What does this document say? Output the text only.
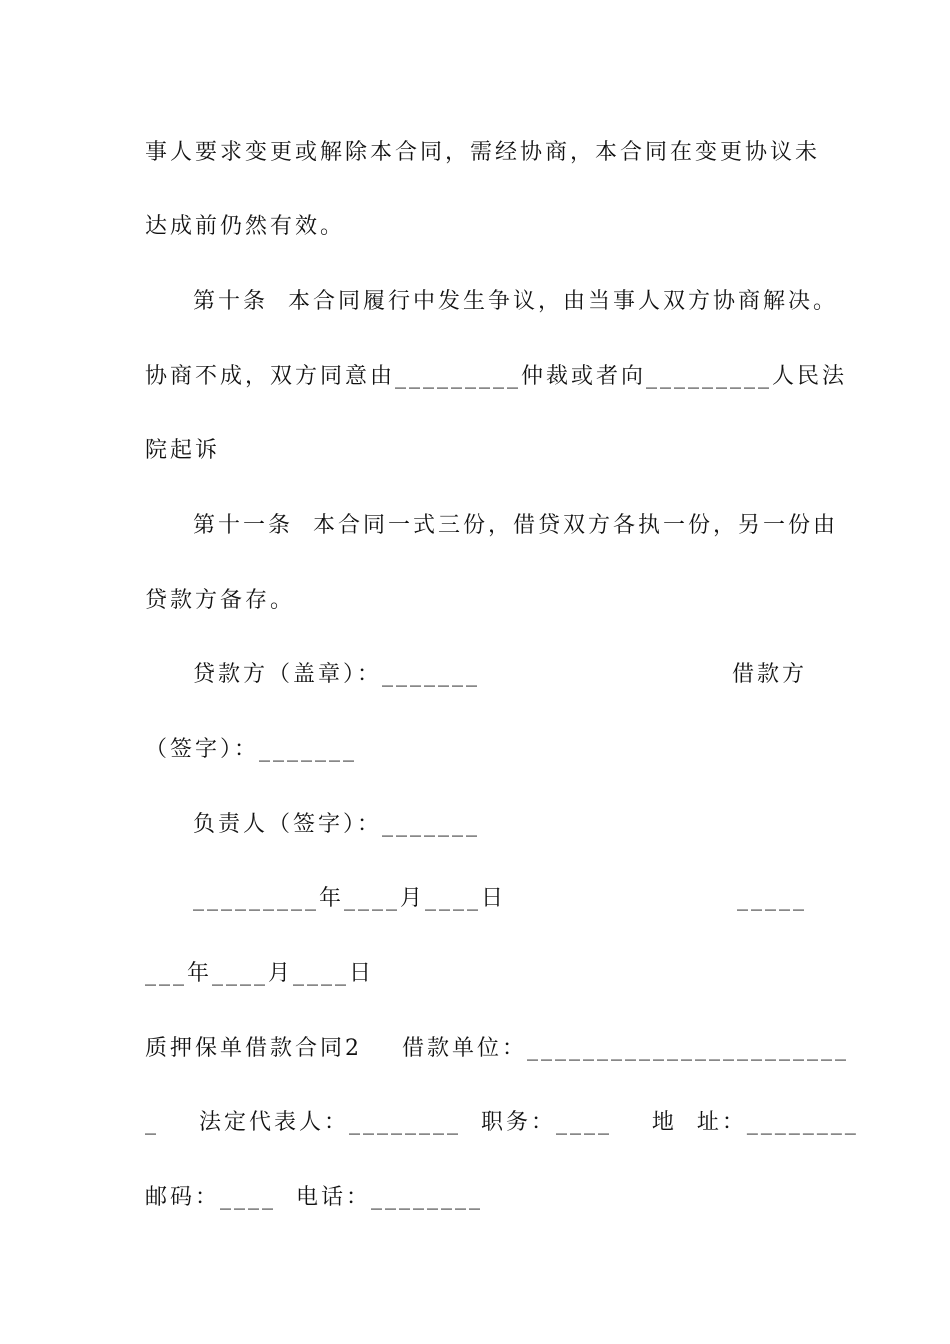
事人要求变更或解除本合同，需经协商，本合同在变更协议未
达成前仍然有效。
第十条  本合同履行中发生争议，由当事人双方协商解决。
协商不成，双方同意由_________仲裁或者向_________人民法
院起诉
第十一条  本合同一式三份，借贷双方各执一份，另一份由
贷款方备存。
贷款方（盖章）：_______	借款方
（签字）：_______
负责人（签字）：_______
_________年____月____日	_____
___年____月____日
质押保单借款合同2    借款单位：_______________________
_    法定代表人：________  职务：____    地  址：________
邮码：____  电话：________
